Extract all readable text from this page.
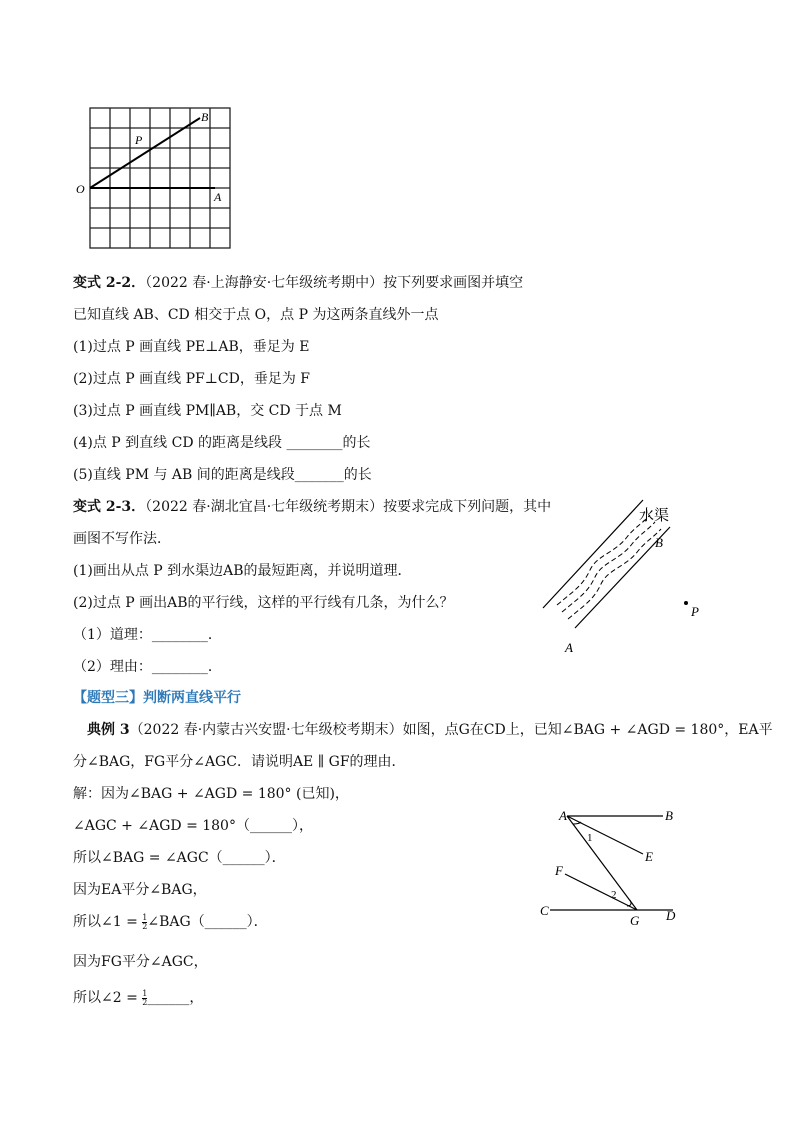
O
A
B
P
变式 2-2．（2022 春·上海静安·七年级统考期中）按下列要求画图并填空
已知直线 AB、CD 相交于点 O，点 P 为这两条直线外一点
(1)过点 P 画直线 PE⊥AB，垂足为 E
(2)过点 P 画直线 PF⊥CD，垂足为 F
(3)过点 P 画直线 PM∥AB，交 CD 于点 M
(4)点 P 到直线 CD 的距离是线段 ________的长
(5)直线 PM 与 AB 间的距离是线段_______的长
变式 2-3．（2022 春·湖北宜昌·七年级统考期末）按要求完成下列问题，其中
画图不写作法．
(1)画出从点 P 到水渠边AB的最短距离，并说明道理．
(2)过点 P 画出AB的平行线，这样的平行线有几条，为什么？
（1）道理：________．
（2）理由：________．
水渠
B
A
P
【题型三】判断两直线平行
典例 3（2022 春·内蒙古兴安盟·七年级校考期末）如图，点G在CD上，已知∠BAG + ∠AGD = 180°，EA平
分∠BAG，FG平分∠AGC．请说明AE ∥ GF的理由．
解：因为∠BAG + ∠AGD = 180° (已知)，
∠AGC + ∠AGD = 180°（______），
所以∠BAG = ∠AGC（______）．
因为EA平分∠BAG，
所以∠1 = $\frac{1}{2}$ ∠BAG（______）．
因为FG平分∠AGC，
所以∠2 = $\frac{1}{2}$ ______，
A	B
E
F
C
G D
1
2
